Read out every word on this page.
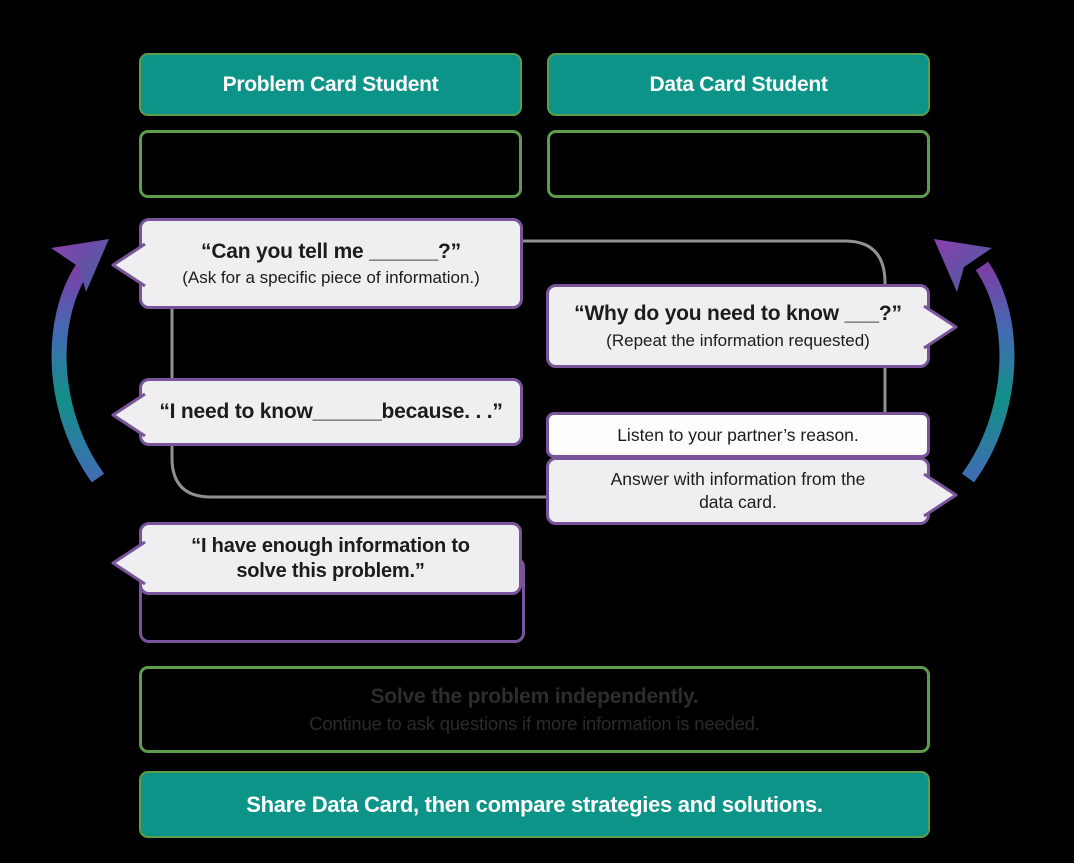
Problem Card Student	Data Card Student
“Can you tell me ______?”
(Ask for a specific piece of information.)
“Why do you need to know ___?”
(Repeat the information requested)
“I need to know______because. . .”
Listen to your partner’s reason.
Answer with information from the data card.
“I have enough information to solve this problem.”
Solve the problem independently.
Continue to ask questions if more information is needed.
Share Data Card, then compare strategies and solutions.
